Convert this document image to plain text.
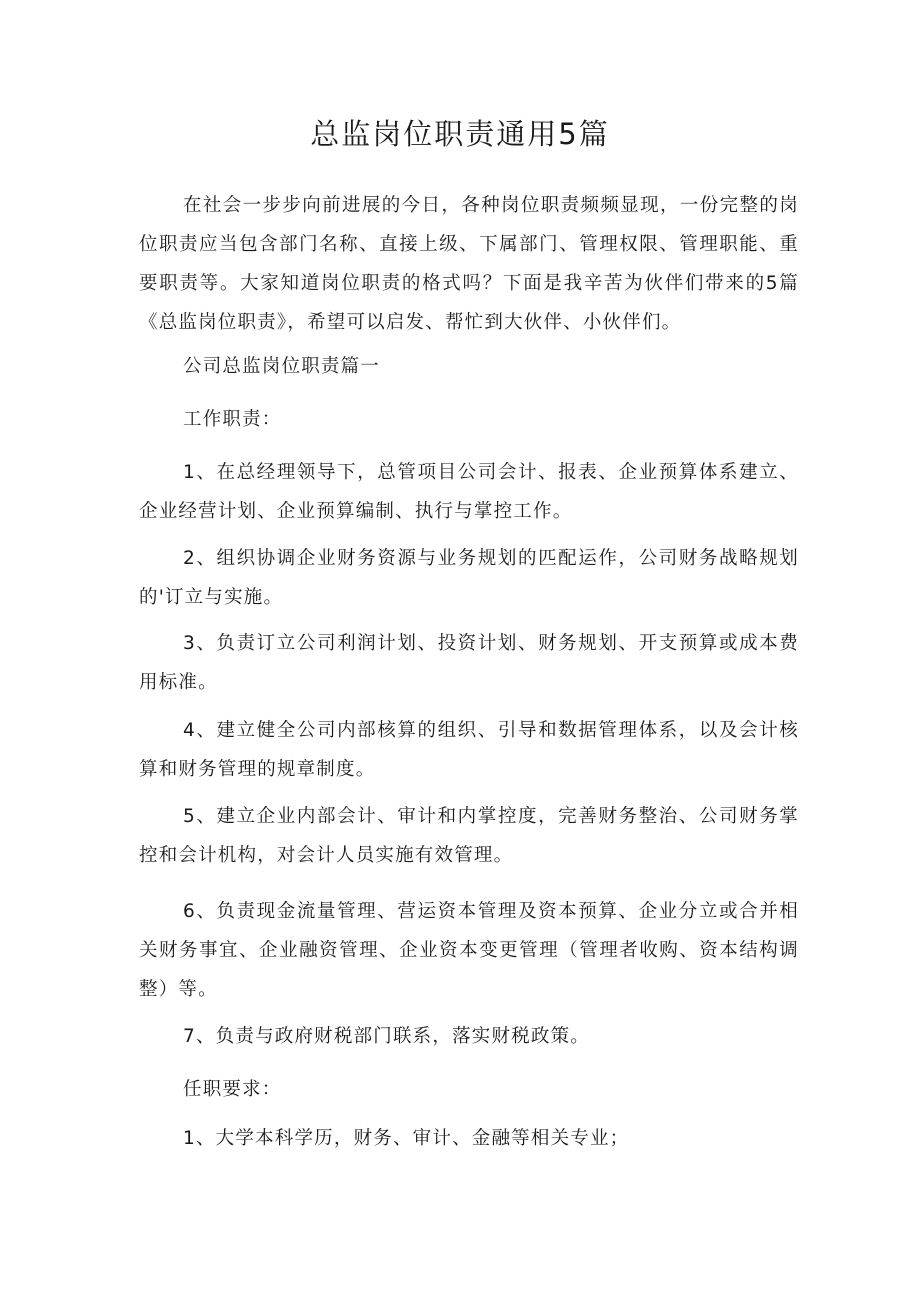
总监岗位职责通用5篇

在社会一步步向前进展的今日，各种岗位职责频频显现，一份完整的岗位职责应当包含部门名称、直接上级、下属部门、管理权限、管理职能、重要职责等。大家知道岗位职责的格式吗？下面是我辛苦为伙伴们带来的5篇《总监岗位职责》，希望可以启发、帮忙到大伙伴、小伙伴们。

公司总监岗位职责篇一

工作职责：

1、在总经理领导下，总管项目公司会计、报表、企业预算体系建立、企业经营计划、企业预算编制、执行与掌控工作。

2、组织协调企业财务资源与业务规划的匹配运作，公司财务战略规划的'订立与实施。

3、负责订立公司利润计划、投资计划、财务规划、开支预算或成本费用标准。

4、建立健全公司内部核算的组织、引导和数据管理体系，以及会计核算和财务管理的规章制度。

5、建立企业内部会计、审计和内掌控度，完善财务整治、公司财务掌控和会计机构，对会计人员实施有效管理。

6、负责现金流量管理、营运资本管理及资本预算、企业分立或合并相关财务事宜、企业融资管理、企业资本变更管理（管理者收购、资本结构调整）等。

7、负责与政府财税部门联系，落实财税政策。

任职要求：

1、大学本科学历，财务、审计、金融等相关专业；
